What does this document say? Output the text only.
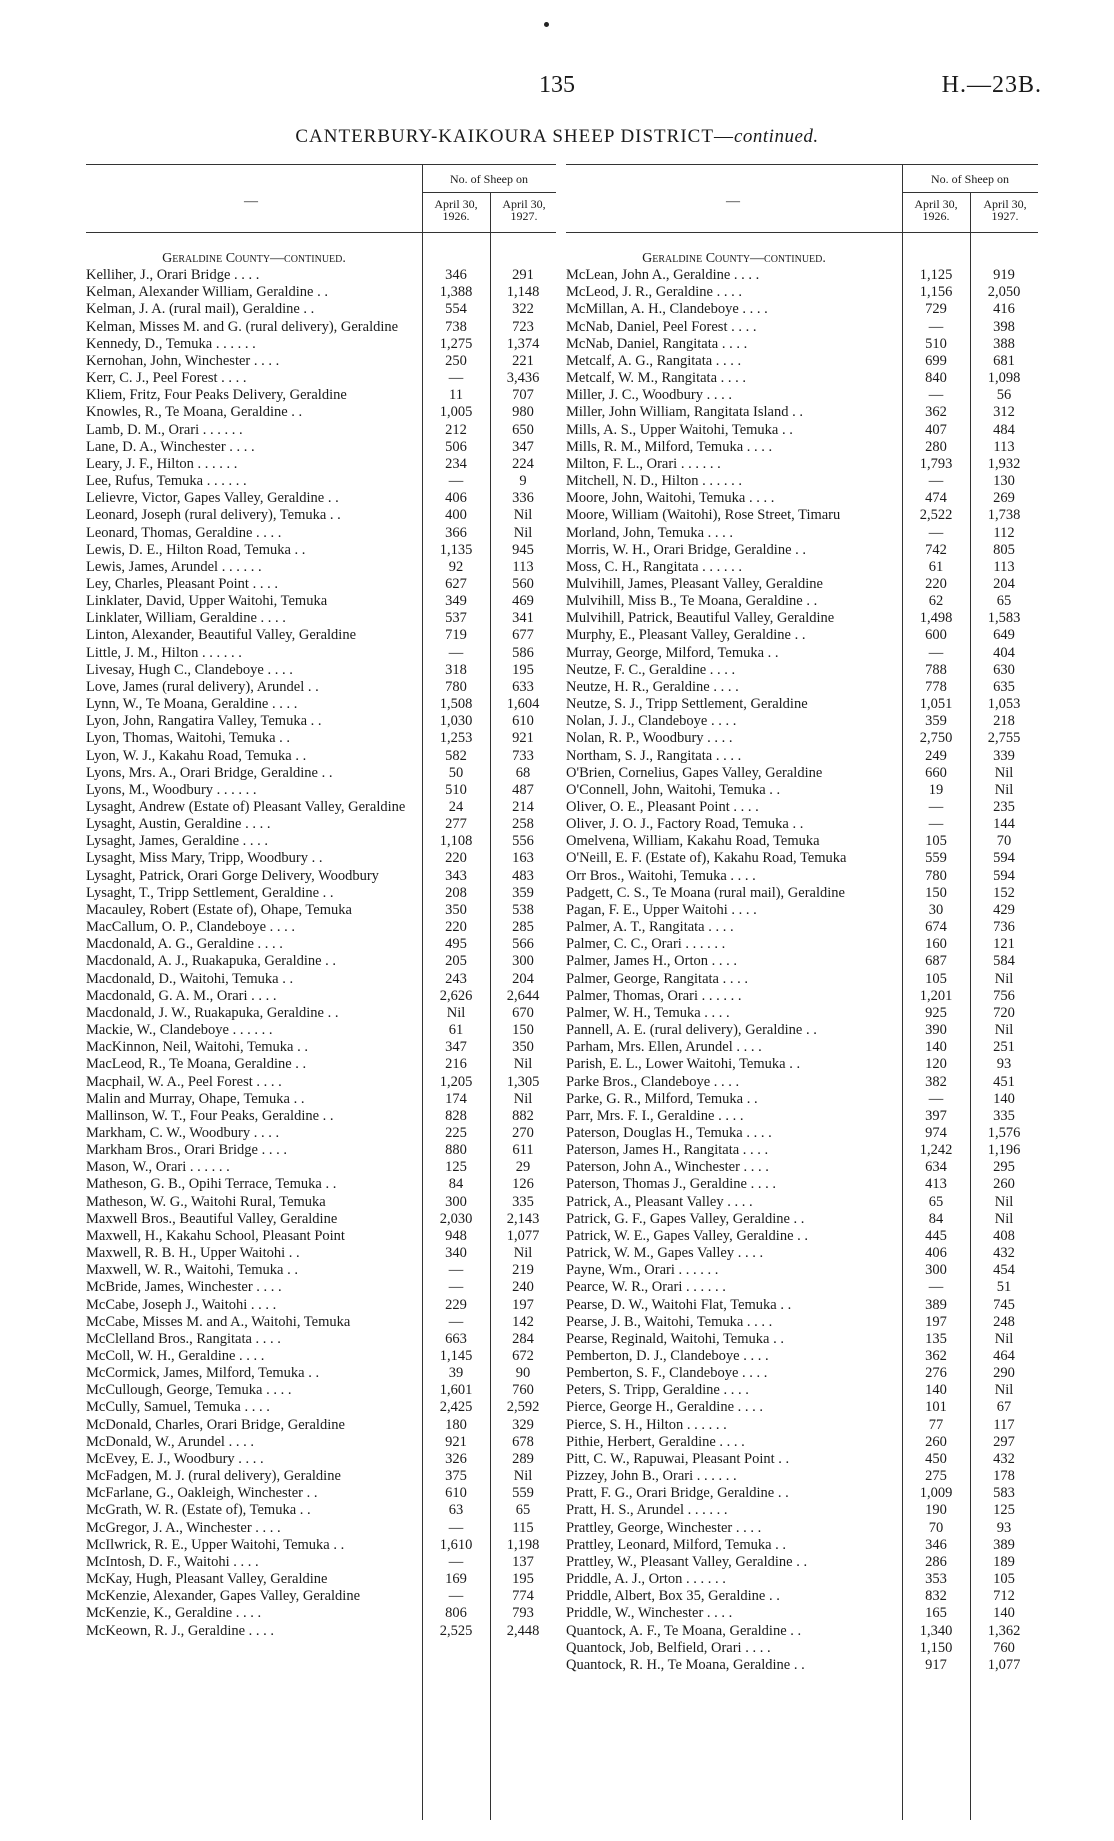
135	H.—23B.
CANTERBURY-KAIKOURA SHEEP DISTRICT—continued.
—
No. of Sheep on
April 30, 1926.
April 30, 1927.
Geraldine County—continued.		
Kelliher, J., Orari Bridge . . . .	346	291
Kelman, Alexander William, Geraldine . .	1,388	1,148
Kelman, J. A. (rural mail), Geraldine . .	554	322
Kelman, Misses M. and G. (rural delivery), Geraldine	738	723
Kennedy, D., Temuka . . . . . .	1,275	1,374
Kernohan, John, Winchester . . . .	250	221
Kerr, C. J., Peel Forest . . . .	—	3,436
Kliem, Fritz, Four Peaks Delivery, Geraldine	11	707
Knowles, R., Te Moana, Geraldine . .	1,005	980
Lamb, D. M., Orari . . . . . .	212	650
Lane, D. A., Winchester . . . .	506	347
Leary, J. F., Hilton . . . . . .	234	224
Lee, Rufus, Temuka . . . . . .	—	9
Lelievre, Victor, Gapes Valley, Geraldine . .	406	336
Leonard, Joseph (rural delivery), Temuka . .	400	Nil
Leonard, Thomas, Geraldine . . . .	366	Nil
Lewis, D. E., Hilton Road, Temuka . .	1,135	945
Lewis, James, Arundel . . . . . .	92	113
Ley, Charles, Pleasant Point . . . .	627	560
Linklater, David, Upper Waitohi, Temuka	349	469
Linklater, William, Geraldine . . . .	537	341
Linton, Alexander, Beautiful Valley, Geraldine	719	677
Little, J. M., Hilton . . . . . .	—	586
Livesay, Hugh C., Clandeboye . . . .	318	195
Love, James (rural delivery), Arundel . .	780	633
Lynn, W., Te Moana, Geraldine . . . .	1,508	1,604
Lyon, John, Rangatira Valley, Temuka . .	1,030	610
Lyon, Thomas, Waitohi, Temuka . .	1,253	921
Lyon, W. J., Kakahu Road, Temuka . .	582	733
Lyons, Mrs. A., Orari Bridge, Geraldine . .	50	68
Lyons, M., Woodbury . . . . . .	510	487
Lysaght, Andrew (Estate of) Pleasant Valley, Geraldine	24	214
Lysaght, Austin, Geraldine . . . .	277	258
Lysaght, James, Geraldine . . . .	1,108	556
Lysaght, Miss Mary, Tripp, Woodbury . .	220	163
Lysaght, Patrick, Orari Gorge Delivery, Woodbury	343	483
Lysaght, T., Tripp Settlement, Geraldine . .	208	359
Macauley, Robert (Estate of), Ohape, Temuka	350	538
MacCallum, O. P., Clandeboye . . . .	220	285
Macdonald, A. G., Geraldine . . . .	495	566
Macdonald, A. J., Ruakapuka, Geraldine . .	205	300
Macdonald, D., Waitohi, Temuka . .	243	204
Macdonald, G. A. M., Orari . . . .	2,626	2,644
Macdonald, J. W., Ruakapuka, Geraldine . .	Nil	670
Mackie, W., Clandeboye . . . . . .	61	150
MacKinnon, Neil, Waitohi, Temuka . .	347	350
MacLeod, R., Te Moana, Geraldine . .	216	Nil
Macphail, W. A., Peel Forest . . . .	1,205	1,305
Malin and Murray, Ohape, Temuka . .	174	Nil
Mallinson, W. T., Four Peaks, Geraldine . .	828	882
Markham, C. W., Woodbury . . . .	225	270
Markham Bros., Orari Bridge . . . .	880	611
Mason, W., Orari . . . . . .	125	29
Matheson, G. B., Opihi Terrace, Temuka . .	84	126
Matheson, W. G., Waitohi Rural, Temuka	300	335
Maxwell Bros., Beautiful Valley, Geraldine	2,030	2,143
Maxwell, H., Kakahu School, Pleasant Point	948	1,077
Maxwell, R. B. H., Upper Waitohi . .	340	Nil
Maxwell, W. R., Waitohi, Temuka . .	—	219
McBride, James, Winchester . . . .	—	240
McCabe, Joseph J., Waitohi . . . .	229	197
McCabe, Misses M. and A., Waitohi, Temuka	—	142
McClelland Bros., Rangitata . . . .	663	284
McColl, W. H., Geraldine . . . .	1,145	672
McCormick, James, Milford, Temuka . .	39	90
McCullough, George, Temuka . . . .	1,601	760
McCully, Samuel, Temuka . . . .	2,425	2,592
McDonald, Charles, Orari Bridge, Geraldine	180	329
McDonald, W., Arundel . . . .	921	678
McEvey, E. J., Woodbury . . . .	326	289
McFadgen, M. J. (rural delivery), Geraldine	375	Nil
McFarlane, G., Oakleigh, Winchester . .	610	559
McGrath, W. R. (Estate of), Temuka . .	63	65
McGregor, J. A., Winchester . . . .	—	115
McIlwrick, R. E., Upper Waitohi, Temuka . .	1,610	1,198
McIntosh, D. F., Waitohi . . . .	—	137
McKay, Hugh, Pleasant Valley, Geraldine	169	195
McKenzie, Alexander, Gapes Valley, Geraldine	—	774
McKenzie, K., Geraldine . . . .	806	793
McKeown, R. J., Geraldine . . . .	2,525	2,448
—
No. of Sheep on
April 30, 1926.
April 30, 1927.
Geraldine County—continued.		
McLean, John A., Geraldine . . . .	1,125	919
McLeod, J. R., Geraldine . . . .	1,156	2,050
McMillan, A. H., Clandeboye . . . .	729	416
McNab, Daniel, Peel Forest . . . .	—	398
McNab, Daniel, Rangitata . . . .	510	388
Metcalf, A. G., Rangitata . . . .	699	681
Metcalf, W. M., Rangitata . . . .	840	1,098
Miller, J. C., Woodbury . . . .	—	56
Miller, John William, Rangitata Island . .	362	312
Mills, A. S., Upper Waitohi, Temuka . .	407	484
Mills, R. M., Milford, Temuka . . . .	280	113
Milton, F. L., Orari . . . . . .	1,793	1,932
Mitchell, N. D., Hilton . . . . . .	—	130
Moore, John, Waitohi, Temuka . . . .	474	269
Moore, William (Waitohi), Rose Street, Timaru	2,522	1,738
Morland, John, Temuka . . . .	—	112
Morris, W. H., Orari Bridge, Geraldine . .	742	805
Moss, C. H., Rangitata . . . . . .	61	113
Mulvihill, James, Pleasant Valley, Geraldine	220	204
Mulvihill, Miss B., Te Moana, Geraldine . .	62	65
Mulvihill, Patrick, Beautiful Valley, Geraldine	1,498	1,583
Murphy, E., Pleasant Valley, Geraldine . .	600	649
Murray, George, Milford, Temuka . .	—	404
Neutze, F. C., Geraldine . . . .	788	630
Neutze, H. R., Geraldine . . . .	778	635
Neutze, S. J., Tripp Settlement, Geraldine	1,051	1,053
Nolan, J. J., Clandeboye . . . .	359	218
Nolan, R. P., Woodbury . . . .	2,750	2,755
Northam, S. J., Rangitata . . . .	249	339
O'Brien, Cornelius, Gapes Valley, Geraldine	660	Nil
O'Connell, John, Waitohi, Temuka . .	19	Nil
Oliver, O. E., Pleasant Point . . . .	—	235
Oliver, J. O. J., Factory Road, Temuka . .	—	144
Omelvena, William, Kakahu Road, Temuka	105	70
O'Neill, E. F. (Estate of), Kakahu Road, Temuka	559	594
Orr Bros., Waitohi, Temuka . . . .	780	594
Padgett, C. S., Te Moana (rural mail), Geraldine	150	152
Pagan, F. E., Upper Waitohi . . . .	30	429
Palmer, A. T., Rangitata . . . .	674	736
Palmer, C. C., Orari . . . . . .	160	121
Palmer, James H., Orton . . . .	687	584
Palmer, George, Rangitata . . . .	105	Nil
Palmer, Thomas, Orari . . . . . .	1,201	756
Palmer, W. H., Temuka . . . .	925	720
Pannell, A. E. (rural delivery), Geraldine . .	390	Nil
Parham, Mrs. Ellen, Arundel . . . .	140	251
Parish, E. L., Lower Waitohi, Temuka . .	120	93
Parke Bros., Clandeboye . . . .	382	451
Parke, G. R., Milford, Temuka . .	—	140
Parr, Mrs. F. I., Geraldine . . . .	397	335
Paterson, Douglas H., Temuka . . . .	974	1,576
Paterson, James H., Rangitata . . . .	1,242	1,196
Paterson, John A., Winchester . . . .	634	295
Paterson, Thomas J., Geraldine . . . .	413	260
Patrick, A., Pleasant Valley . . . .	65	Nil
Patrick, G. F., Gapes Valley, Geraldine . .	84	Nil
Patrick, W. E., Gapes Valley, Geraldine . .	445	408
Patrick, W. M., Gapes Valley . . . .	406	432
Payne, Wm., Orari . . . . . .	300	454
Pearce, W. R., Orari . . . . . .	—	51
Pearse, D. W., Waitohi Flat, Temuka . .	389	745
Pearse, J. B., Waitohi, Temuka . . . .	197	248
Pearse, Reginald, Waitohi, Temuka . .	135	Nil
Pemberton, D. J., Clandeboye . . . .	362	464
Pemberton, S. F., Clandeboye . . . .	276	290
Peters, S. Tripp, Geraldine . . . .	140	Nil
Pierce, George H., Geraldine . . . .	101	67
Pierce, S. H., Hilton . . . . . .	77	117
Pithie, Herbert, Geraldine . . . .	260	297
Pitt, C. W., Rapuwai, Pleasant Point . .	450	432
Pizzey, John B., Orari . . . . . .	275	178
Pratt, F. G., Orari Bridge, Geraldine . .	1,009	583
Pratt, H. S., Arundel . . . . . .	190	125
Prattley, George, Winchester . . . .	70	93
Prattley, Leonard, Milford, Temuka . .	346	389
Prattley, W., Pleasant Valley, Geraldine . .	286	189
Priddle, A. J., Orton . . . . . .	353	105
Priddle, Albert, Box 35, Geraldine . .	832	712
Priddle, W., Winchester . . . .	165	140
Quantock, A. F., Te Moana, Geraldine . .	1,340	1,362
Quantock, Job, Belfield, Orari . . . .	1,150	760
Quantock, R. H., Te Moana, Geraldine . .	917	1,077
